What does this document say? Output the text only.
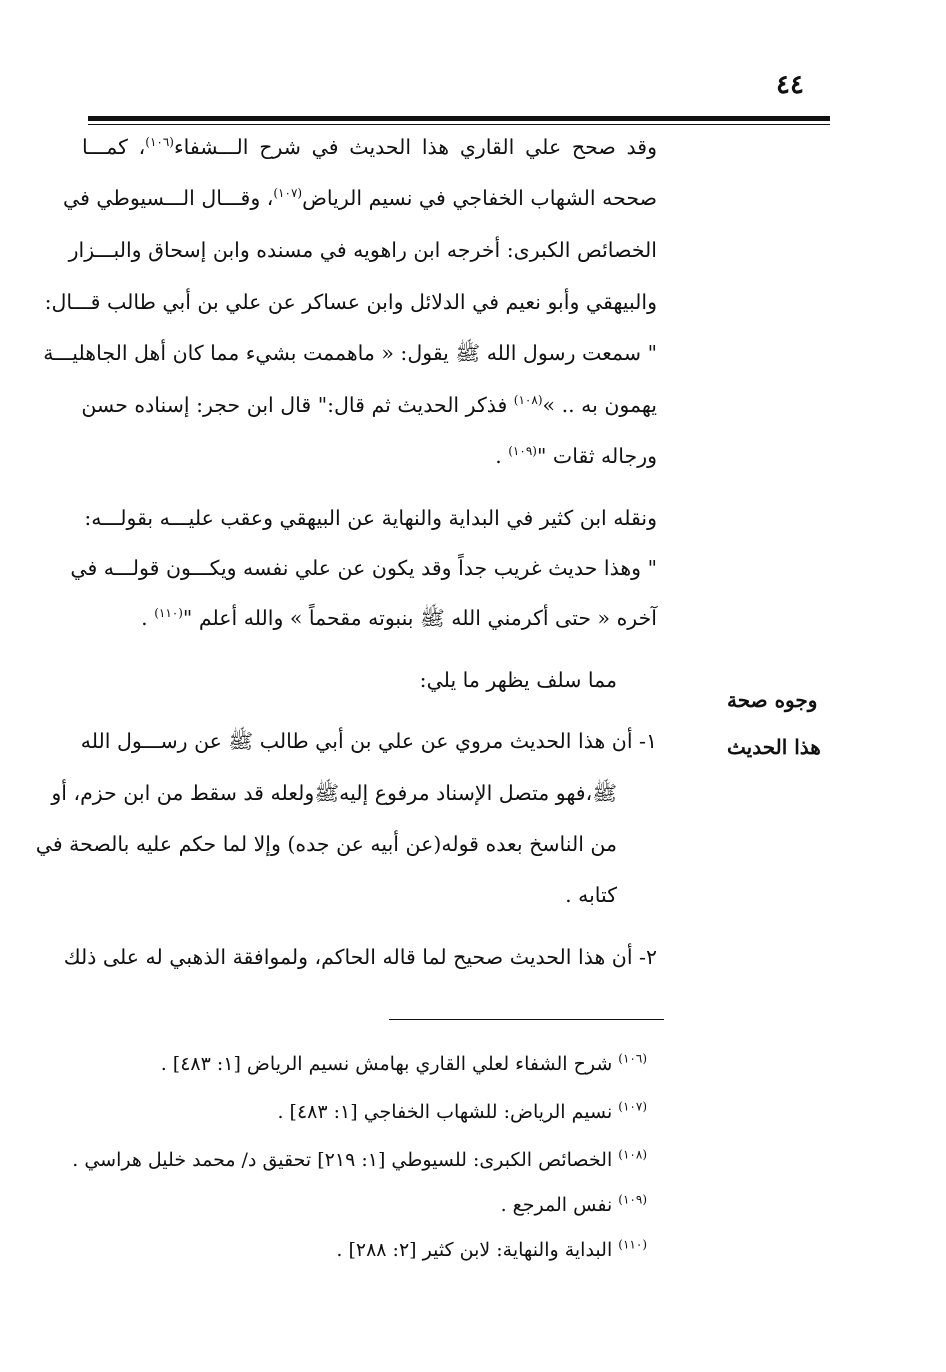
٤٤
وقد صحح علي القاري هذا الحديث في شرح الـــشفاء$^{(١٠٦)}$، كمـــا
صححه الشهاب الخفاجي في نسيم الرياض$^{(١٠٧)}$، وقـــال الـــسيوطي في
الخصائص الكبرى: أخرجه ابن راهويه في مسنده وابن إسحاق والبـــزار
والبيهقي وأبو نعيم في الدلائل وابن عساكر عن علي بن أبي طالب قـــال:
" سمعت رسول الله ﷺ يقول: « ماهممت بشيء مما كان أهل الجاهليـــة
يهمون به .. »$^{(١٠٨)}$ فذكر الحديث ثم قال:" قال ابن حجر: إسناده حسن
ورجاله ثقات "$^{(١٠٩)}$ .
ونقله ابن كثير في البداية والنهاية عن البيهقي وعقب عليـــه بقولـــه:
" وهذا حديث غريب جداً وقد يكون عن علي نفسه ويكـــون قولـــه في
آخره « حتى أكرمني الله ﷺ بنبوته مقحماً » والله أعلم "$^{(١١٠)}$ .
مما سلف يظهر ما يلي:
١- أن هذا الحديث مروي عن علي بن أبي طالب ﷺ عن رســـول الله
ﷺ،فهو متصل الإسناد مرفوع إليهﷺولعله قد سقط من ابن حزم، أو
من الناسخ بعده قوله(عن أبيه عن جده) وإلا لما حكم عليه بالصحة في
كتابه .
٢- أن هذا الحديث صحيح لما قاله الحاكم، ولموافقة الذهبي له على ذلك
وجوه صحة
هذا الحديث
$^{(١٠٦)}$ شرح الشفاء لعلي القاري بهامش نسيم الرياض [١: ٤٨٣] .
$^{(١٠٧)}$ نسيم الرياض: للشهاب الخفاجي [١: ٤٨٣] .
$^{(١٠٨)}$ الخصائص الكبرى: للسيوطي [١: ٢١٩] تحقيق د/ محمد خليل هراسي .
$^{(١٠٩)}$ نفس المرجع .
$^{(١١٠)}$ البداية والنهاية: لابن كثير [٢: ٢٨٨] .
